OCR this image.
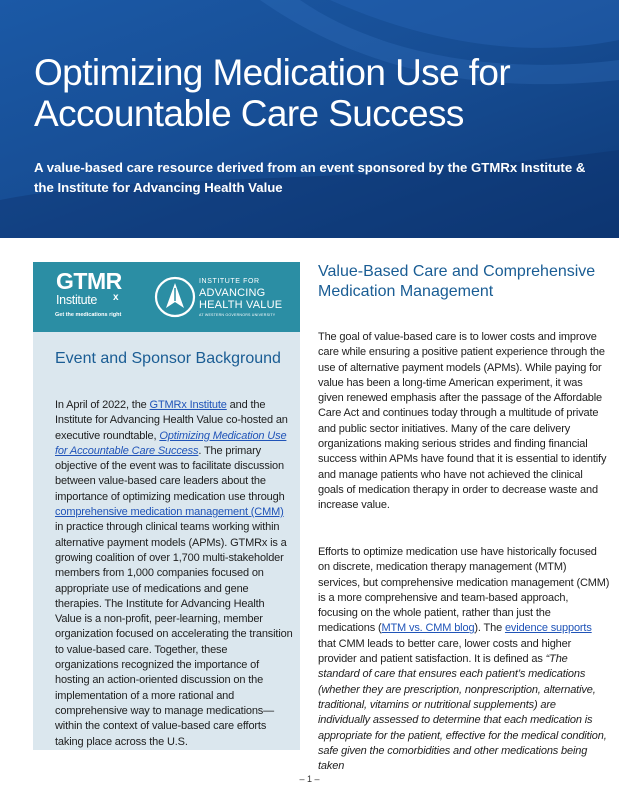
Optimizing Medication Use for
Accountable Care Success

A value-based care resource derived from an event sponsored by the GTMRx Institute & the Institute for Advancing Health Value

GTMR
Institute x
Get the medications right
INSTITUTE FOR
ADVANCING
HEALTH VALUE
AT WESTERN GOVERNORS UNIVERSITY
Event and Sponsor Background

In April of 2022, the GTMRx Institute and the Institute for Advancing Health Value co-hosted an executive roundtable, Optimizing Medication Use for Accountable Care Success. The primary objective of the event was to facilitate discussion between value-based care leaders about the importance of optimizing medication use through comprehensive medication management (CMM) in practice through clinical teams working within alternative payment models (APMs). GTMRx is a growing coalition of over 1,700 multi-stakeholder members from 1,000 companies focused on appropriate use of medications and gene therapies. The Institute for Advancing Health Value is a non-profit, peer-learning, member organization focused on accelerating the transition to value-based care. Together, these organizations recognized the importance of hosting an action-oriented discussion on the implementation of a more rational and comprehensive way to manage medications—within the context of value-based care efforts taking place across the U.S.

Value-Based Care and Comprehensive Medication Management

The goal of value-based care is to lower costs and improve care while ensuring a positive patient experience through the use of alternative payment models (APMs). While paying for value has been a long-time American experiment, it was given renewed emphasis after the passage of the Affordable Care Act and continues today through a multitude of private and public sector initiatives. Many of the care delivery organizations making serious strides and finding financial success within APMs have found that it is essential to identify and manage patients who have not achieved the clinical goals of medication therapy in order to decrease waste and increase value.

Efforts to optimize medication use have historically focused on discrete, medication therapy management (MTM) services, but comprehensive medication management (CMM) is a more comprehensive and team-based approach, focusing on the whole patient, rather than just the medications (MTM vs. CMM blog). The evidence supports that CMM leads to better care, lower costs and higher provider and patient satisfaction. It is defined as “The standard of care that ensures each patient’s medications (whether they are prescription, nonprescription, alternative, traditional, vitamins or nutritional supplements) are individually assessed to determine that each medication is appropriate for the patient, effective for the medical condition, safe given the comorbidities and other medications being taken

– 1 –
